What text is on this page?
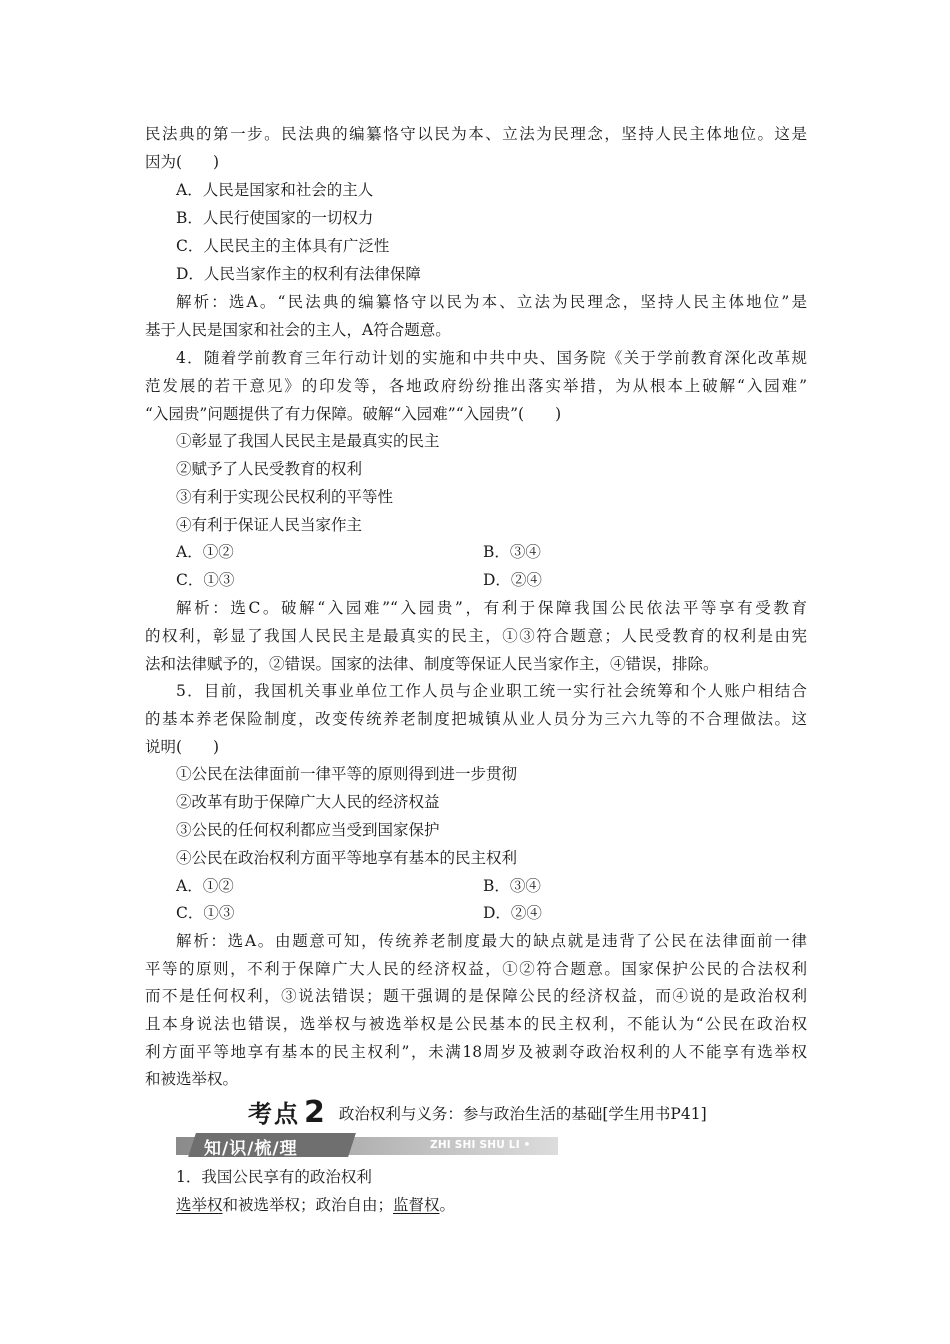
民法典的第一步。民法典的编纂恪守以民为本、立法为民理念，坚持人民主体地位。这是
因为(　　)
A．人民是国家和社会的主人
B．人民行使国家的一切权力
C．人民民主的主体具有广泛性
D．人民当家作主的权利有法律保障
解析：选A。“民法典的编纂恪守以民为本、立法为民理念，坚持人民主体地位”是
基于人民是国家和社会的主人，A符合题意。
4．随着学前教育三年行动计划的实施和中共中央、国务院《关于学前教育深化改革规
范发展的若干意见》的印发等，各地政府纷纷推出落实举措，为从根本上破解“入园难”
“入园贵”问题提供了有力保障。破解“入园难”“入园贵”(　　)
①彰显了我国人民民主是最真实的民主
②赋予了人民受教育的权利
③有利于实现公民权利的平等性
④有利于保证人民当家作主
A．①②	B．③④
C．①③	D．②④
解析：选C。破解“入园难”“入园贵”，有利于保障我国公民依法平等享有受教育
的权利，彰显了我国人民民主是最真实的民主，①③符合题意；人民受教育的权利是由宪
法和法律赋予的，②错误。国家的法律、制度等保证人民当家作主，④错误，排除。
5．目前，我国机关事业单位工作人员与企业职工统一实行社会统筹和个人账户相结合
的基本养老保险制度，改变传统养老制度把城镇从业人员分为三六九等的不合理做法。这
说明(　　)
①公民在法律面前一律平等的原则得到进一步贯彻
②改革有助于保障广大人民的经济权益
③公民的任何权利都应当受到国家保护
④公民在政治权利方面平等地享有基本的民主权利
A．①②	B．③④
C．①③	D．②④
解析：选A。由题意可知，传统养老制度最大的缺点就是违背了公民在法律面前一律
平等的原则，不利于保障广大人民的经济权益，①②符合题意。国家保护公民的合法权利
而不是任何权利，③说法错误；题干强调的是保障公民的经济权益，而④说的是政治权利
且本身说法也错误，选举权与被选举权是公民基本的民主权利，不能认为“公民在政治权
利方面平等地享有基本的民主权利”，未满18周岁及被剥夺政治权利的人不能享有选举权
和被选举权。
考点 2 政治权利与义务：参与政治生活的基础[学生用书P41]
知/识/梳/理	ZHI SHI SHU LI •
1．我国公民享有的政治权利
选举权和被选举权；政治自由；监督权。
